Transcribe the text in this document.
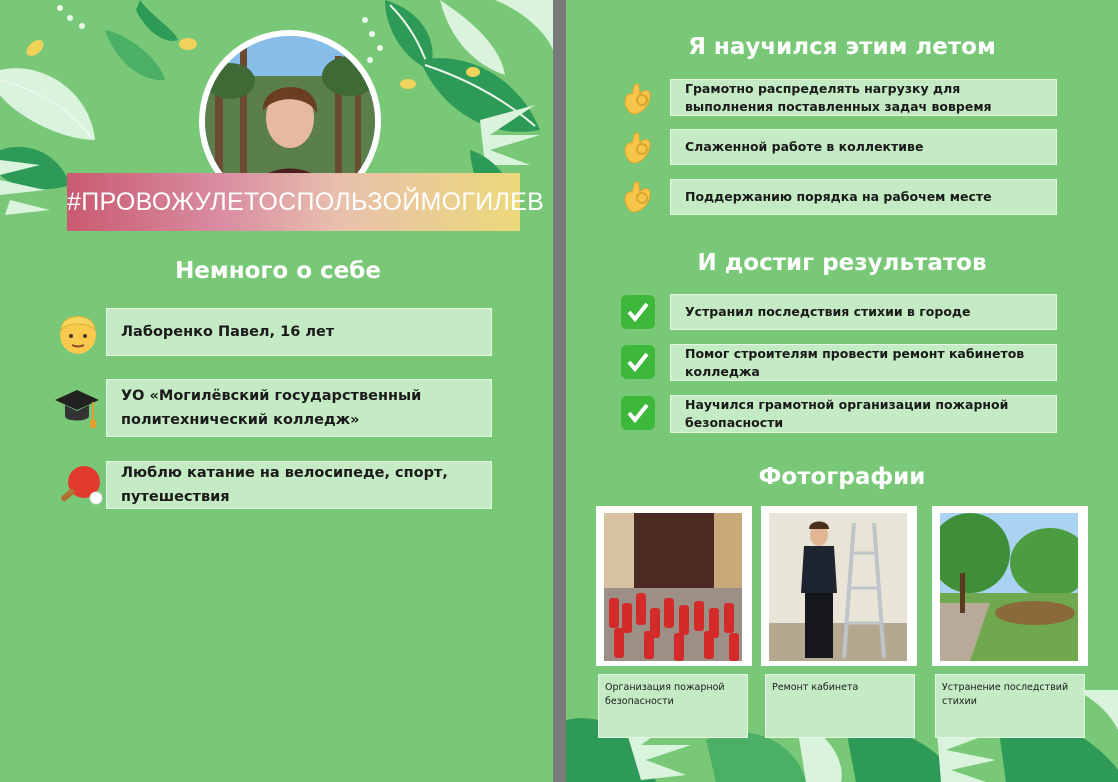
#ПРОВОЖУЛЕТОСПОЛЬЗОЙМОГИЛЕВ
Немного о себе
Лаборенко Павел, 16 лет
УО «Могилёвский государственный политехнический колледж»
Люблю катание на велосипеде, спорт, путешествия
Я научился этим летом
И достиг результатов
Фотографии
Организация пожарной безопасности
Ремонт кабинета	Устранение последствий стихии
Грамотно распределять нагрузку для выполнения поставленных задач вовремя
Слаженной работе в коллективе
Поддержанию порядка на рабочем месте
Устранил последствия стихии в городе
Помог строителям провести ремонт кабинетов колледжа
Научился грамотной организации пожарной безопасности
